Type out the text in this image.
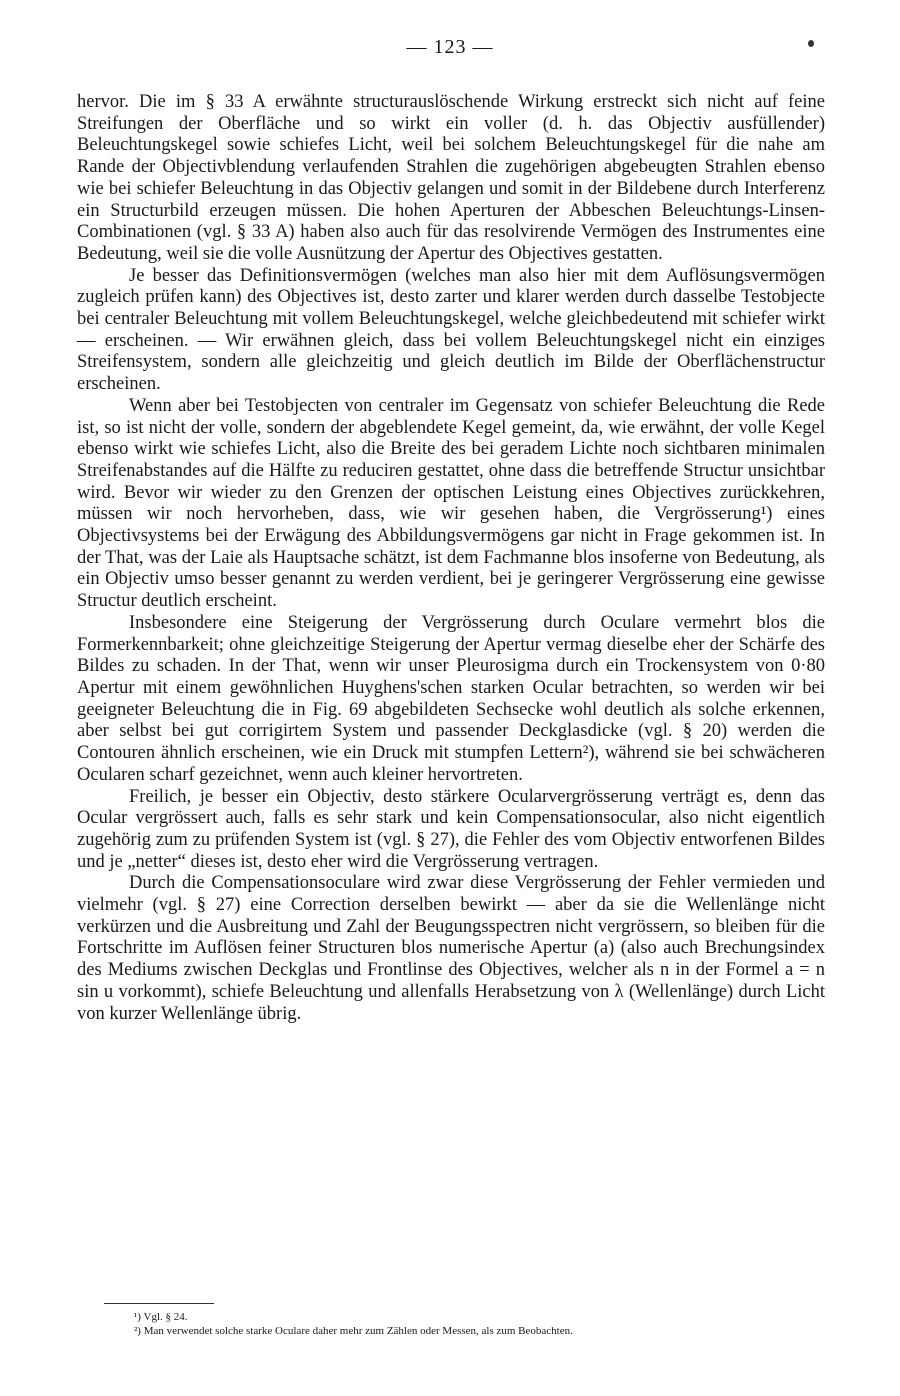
— 123 —

hervor. Die im § 33 A erwähnte structurauslöschende Wirkung erstreckt sich nicht auf feine Streifungen der Oberfläche und so wirkt ein voller (d. h. das Objectiv ausfüllender) Beleuchtungskegel sowie schiefes Licht, weil bei solchem Beleuchtungskegel für die nahe am Rande der Objectivblendung verlaufenden Strahlen die zugehörigen abgebeugten Strahlen ebenso wie bei schiefer Beleuchtung in das Objectiv gelangen und somit in der Bildebene durch Interferenz ein Structurbild erzeugen müssen. Die hohen Aperturen der Abbeschen Beleuchtungs-Linsen-Combinationen (vgl. § 33 A) haben also auch für das resolvirende Vermögen des Instrumentes eine Bedeutung, weil sie die volle Ausnützung der Apertur des Objectives gestatten.

Je besser das Definitionsvermögen (welches man also hier mit dem Auflösungsvermögen zugleich prüfen kann) des Objectives ist, desto zarter und klarer werden durch dasselbe Testobjecte bei centraler Beleuchtung mit vollem Beleuchtungskegel, welche gleichbedeutend mit schiefer wirkt — erscheinen. — Wir erwähnen gleich, dass bei vollem Beleuchtungskegel nicht ein einziges Streifensystem, sondern alle gleichzeitig und gleich deutlich im Bilde der Oberflächenstructur erscheinen.

Wenn aber bei Testobjecten von centraler im Gegensatz von schiefer Beleuchtung die Rede ist, so ist nicht der volle, sondern der abgeblendete Kegel gemeint, da, wie erwähnt, der volle Kegel ebenso wirkt wie schiefes Licht, also die Breite des bei geradem Lichte noch sichtbaren minimalen Streifenabstandes auf die Hälfte zu reduciren gestattet, ohne dass die betreffende Structur unsichtbar wird. Bevor wir wieder zu den Grenzen der optischen Leistung eines Objectives zurückkehren, müssen wir noch hervorheben, dass, wie wir gesehen haben, die Vergrösserung¹) eines Objectivsystems bei der Erwägung des Abbildungsvermögens gar nicht in Frage gekommen ist. In der That, was der Laie als Hauptsache schätzt, ist dem Fachmanne blos insoferne von Bedeutung, als ein Objectiv umso besser genannt zu werden verdient, bei je geringerer Vergrösserung eine gewisse Structur deutlich erscheint.

Insbesondere eine Steigerung der Vergrösserung durch Oculare vermehrt blos die Formerkennbarkeit; ohne gleichzeitige Steigerung der Apertur vermag dieselbe eher der Schärfe des Bildes zu schaden. In der That, wenn wir unser Pleurosigma durch ein Trockensystem von 0·80 Apertur mit einem gewöhnlichen Huyghens'schen starken Ocular betrachten, so werden wir bei geeigneter Beleuchtung die in Fig. 69 abgebildeten Sechsecke wohl deutlich als solche erkennen, aber selbst bei gut corrigirtem System und passender Deckglasdicke (vgl. § 20) werden die Contouren ähnlich erscheinen, wie ein Druck mit stumpfen Lettern²), während sie bei schwächeren Ocularen scharf gezeichnet, wenn auch kleiner hervortreten.

Freilich, je besser ein Objectiv, desto stärkere Ocularvergrösserung verträgt es, denn das Ocular vergrössert auch, falls es sehr stark und kein Compensationsocular, also nicht eigentlich zugehörig zum zu prüfenden System ist (vgl. § 27), die Fehler des vom Objectiv entworfenen Bildes und je „netter“ dieses ist, desto eher wird die Vergrösserung vertragen.

Durch die Compensationsoculare wird zwar diese Vergrösserung der Fehler vermieden und vielmehr (vgl. § 27) eine Correction derselben bewirkt — aber da sie die Wellenlänge nicht verkürzen und die Ausbreitung und Zahl der Beugungsspectren nicht vergrössern, so bleiben für die Fortschritte im Auflösen feiner Structuren blos numerische Apertur (a) (also auch Brechungsindex des Mediums zwischen Deckglas und Frontlinse des Objectives, welcher als n in der Formel a = n sin u vorkommt), schiefe Beleuchtung und allenfalls Herabsetzung von λ (Wellenlänge) durch Licht von kurzer Wellenlänge übrig.

¹) Vgl. § 24.
²) Man verwendet solche starke Oculare daher mehr zum Zählen oder Messen, als zum Beobachten.
